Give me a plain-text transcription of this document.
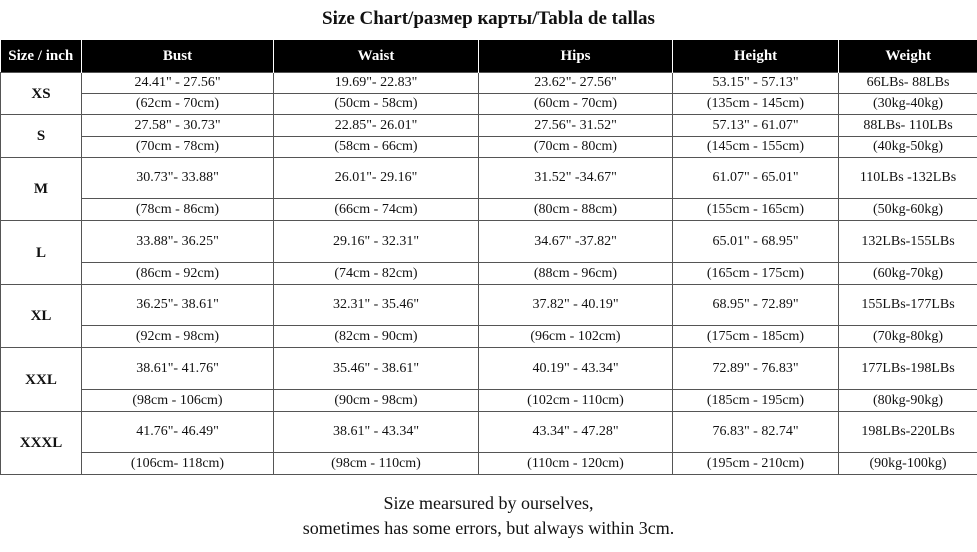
Size Chart/размер карты/Tabla de tallas
Size / inch	Bust	Waist	Hips	Height	Weight
XS	24.41" - 27.56"	19.69"- 22.83"	23.62"- 27.56"	53.15" - 57.13"	66LBs- 88LBs
	(62cm - 70cm)	(50cm - 58cm)	(60cm - 70cm)	(135cm - 145cm)	(30kg-40kg)
S	27.58" - 30.73"	22.85"- 26.01"	27.56"- 31.52"	57.13" - 61.07"	88LBs- 110LBs
	(70cm - 78cm)	(58cm - 66cm)	(70cm - 80cm)	(145cm - 155cm)	(40kg-50kg)
M	30.73"- 33.88"	26.01"- 29.16"	31.52" -34.67"	61.07" - 65.01"	110LBs -132LBs
	(78cm - 86cm)	(66cm - 74cm)	(80cm - 88cm)	(155cm - 165cm)	(50kg-60kg)
L	33.88"- 36.25"	29.16" - 32.31"	34.67" -37.82"	65.01" - 68.95"	132LBs-155LBs
	(86cm - 92cm)	(74cm - 82cm)	(88cm - 96cm)	(165cm - 175cm)	(60kg-70kg)
XL	36.25"- 38.61"	32.31" - 35.46"	37.82" - 40.19"	68.95" - 72.89"	155LBs-177LBs
	(92cm - 98cm)	(82cm - 90cm)	(96cm - 102cm)	(175cm - 185cm)	(70kg-80kg)
XXL	38.61"- 41.76"	35.46" - 38.61"	40.19" - 43.34"	72.89" - 76.83"	177LBs-198LBs
	(98cm - 106cm)	(90cm - 98cm)	(102cm - 110cm)	(185cm - 195cm)	(80kg-90kg)
XXXL	41.76"- 46.49"	38.61" - 43.34"	43.34" - 47.28"	76.83" - 82.74"	198LBs-220LBs
	(106cm- 118cm)	(98cm - 110cm)	(110cm - 120cm)	(195cm - 210cm)	(90kg-100kg)
Size mearsured by ourselves,
sometimes has some errors, but always within 3cm.
